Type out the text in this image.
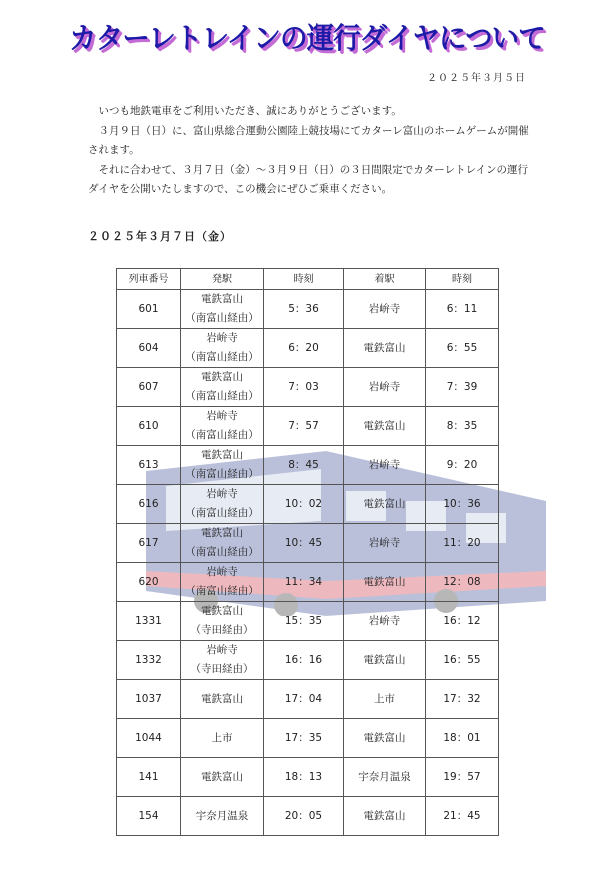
カターレトレインの運行ダイヤについて
２０２５年３月５日

いつも地鉄電車をご利用いただき、誠にありがとうございます。

３月９日（日）に、富山県総合運動公園陸上競技場にてカターレ富山のホームゲームが開催されます。

それに合わせて、３月７日（金）～３月９日（日）の３日間限定でカターレトレインの運行ダイヤを公開いたしますので、この機会にぜひご乗車ください。

２０２５年３月７日（金）
列車番号	発駅	時刻	着駅	時刻
601	電鉄富山
（南富山経由）	5：36	岩峅寺	6：11
604	岩峅寺
（南富山経由）	6：20	電鉄富山	6：55
607	電鉄富山
（南富山経由）	7：03	岩峅寺	7：39
610	岩峅寺
（南富山経由）	7：57	電鉄富山	8：35
613	電鉄富山
（南富山経由）	8：45	岩峅寺	9：20
616	岩峅寺
（南富山経由）	10：02	電鉄富山	10：36
617	電鉄富山
（南富山経由）	10：45	岩峅寺	11：20
620	岩峅寺
（南富山経由）	11：34	電鉄富山	12：08
1331	電鉄富山
（寺田経由）	15：35	岩峅寺	16：12
1332	岩峅寺
（寺田経由）	16：16	電鉄富山	16：55
1037	電鉄富山	17：04	上市	17：32
1044	上市	17：35	電鉄富山	18：01
141	電鉄富山	18：13	宇奈月温泉	19：57
154	宇奈月温泉	20：05	電鉄富山	21：45
